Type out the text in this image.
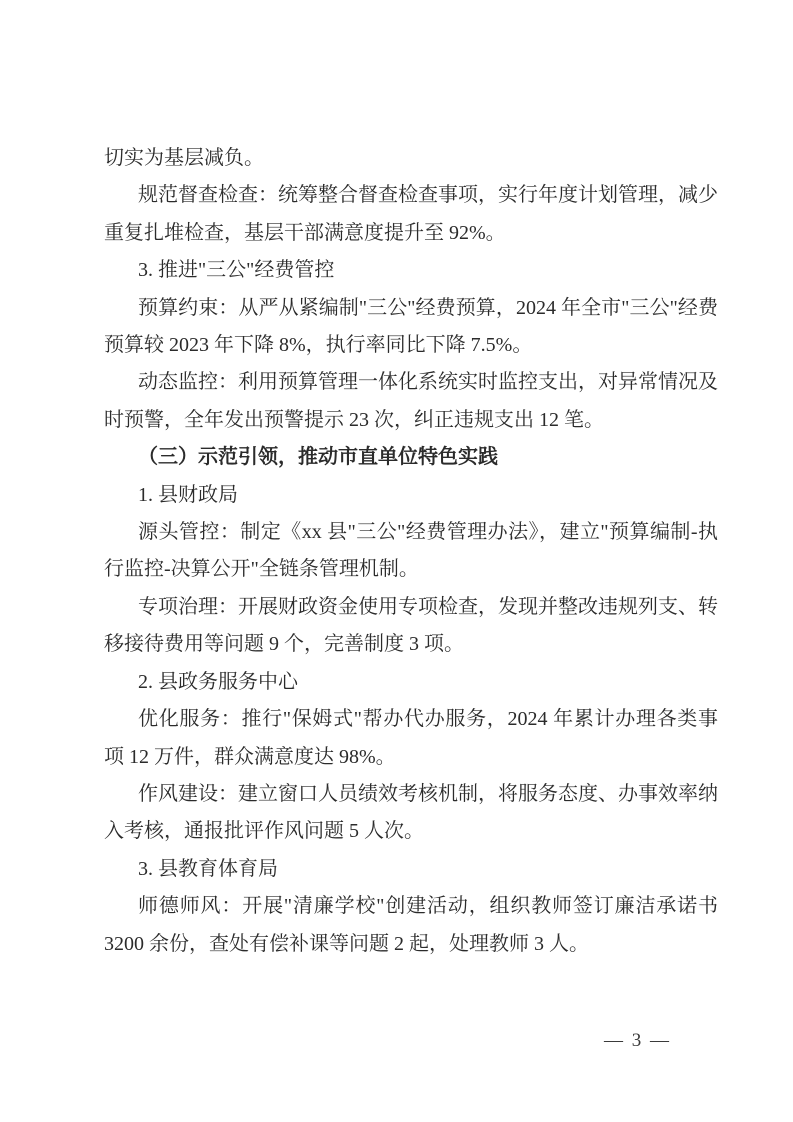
切实为基层减负。

规范督查检查：统筹整合督查检查事项，实行年度计划管理，减少重复扎堆检查，基层干部满意度提升至 92%。

3. 推进"三公"经费管控

预算约束：从严从紧编制"三公"经费预算，2024 年全市"三公"经费预算较 2023 年下降 8%，执行率同比下降 7.5%。

动态监控：利用预算管理一体化系统实时监控支出，对异常情况及时预警，全年发出预警提示 23 次，纠正违规支出 12 笔。

（三）示范引领，推动市直单位特色实践

1. 县财政局

源头管控：制定《xx 县"三公"经费管理办法》，建立"预算编制-执行监控-决算公开"全链条管理机制。

专项治理：开展财政资金使用专项检查，发现并整改违规列支、转移接待费用等问题 9 个，完善制度 3 项。

2. 县政务服务中心

优化服务：推行"保姆式"帮办代办服务，2024 年累计办理各类事项 12 万件，群众满意度达 98%。

作风建设：建立窗口人员绩效考核机制，将服务态度、办事效率纳入考核，通报批评作风问题 5 人次。

3. 县教育体育局

师德师风：开展"清廉学校"创建活动，组织教师签订廉洁承诺书 3200 余份，查处有偿补课等问题 2 起，处理教师 3 人。

— 3 —
